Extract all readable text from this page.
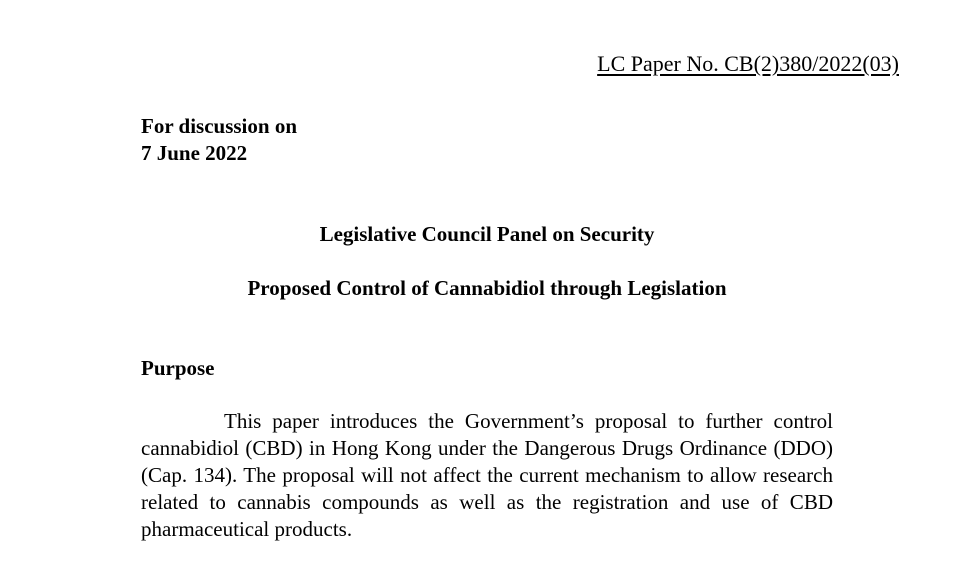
LC Paper No. CB(2)380/2022(03)
For discussion on
7 June 2022
Legislative Council Panel on Security
Proposed Control of Cannabidiol through Legislation
Purpose
This paper introduces the Government’s proposal to further control cannabidiol (CBD) in Hong Kong under the Dangerous Drugs Ordinance (DDO) (Cap. 134). The proposal will not affect the current mechanism to allow research related to cannabis compounds as well as the registration and use of CBD pharmaceutical products.
